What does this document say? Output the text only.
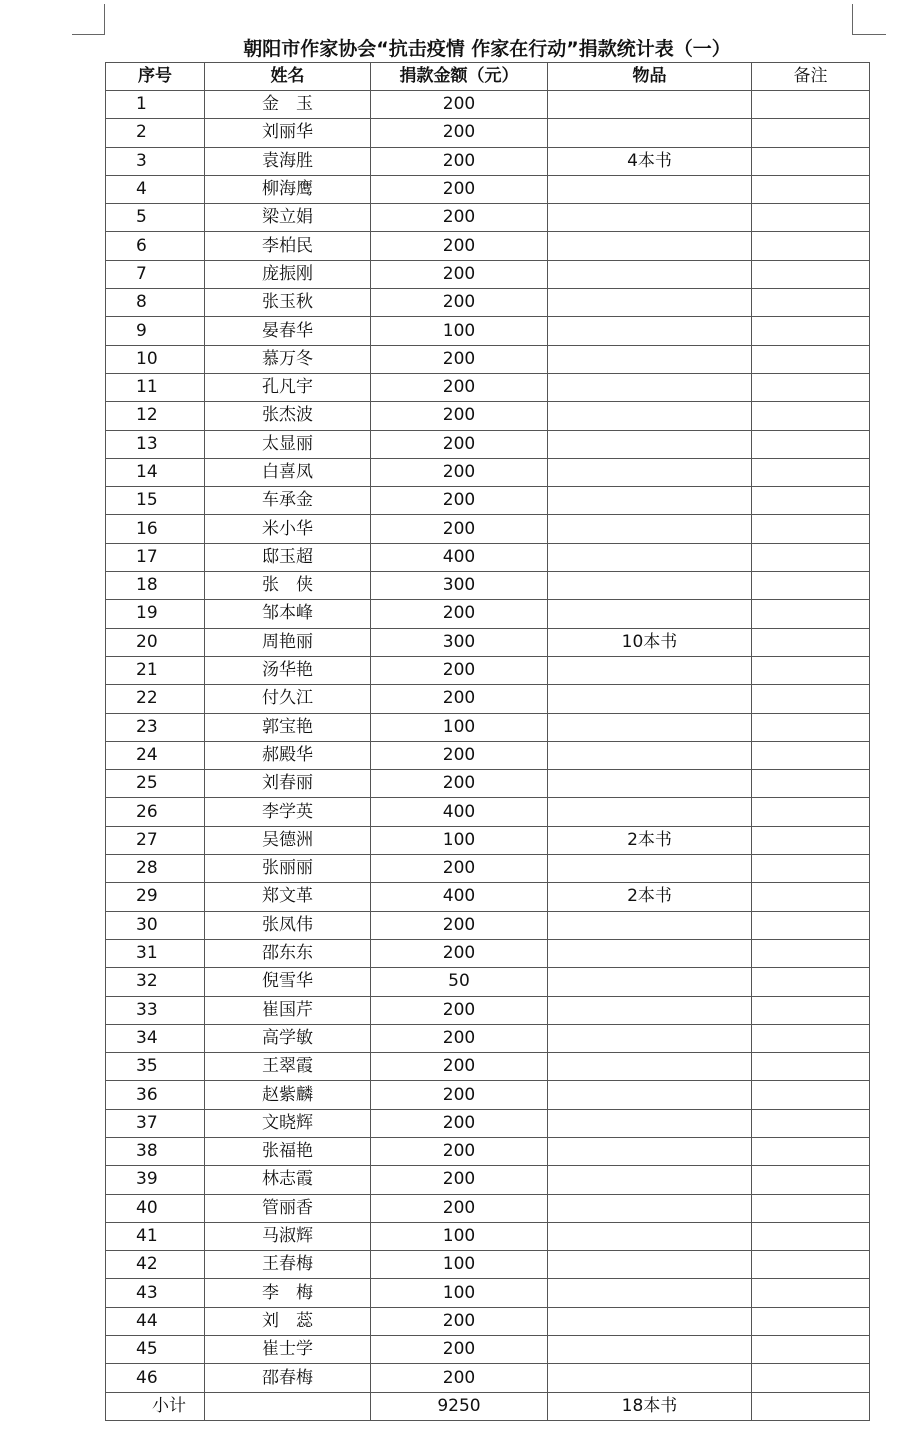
朝阳市作家协会“抗击疫情 作家在行动”捐款统计表（一）
序号	姓名	捐款金额（元）	物品	备注
1	金　玉	200		
2	刘丽华	200		
3	袁海胜	200	4本书	
4	柳海鹰	200		
5	梁立娟	200		
6	李柏民	200		
7	庞振刚	200		
8	张玉秋	200		
9	晏春华	100		
10	慕万冬	200		
11	孔凡宇	200		
12	张杰波	200		
13	太显丽	200		
14	白喜凤	200		
15	车承金	200		
16	米小华	200		
17	邸玉超	400		
18	张　侠	300		
19	邹本峰	200		
20	周艳丽	300	10本书	
21	汤华艳	200		
22	付久江	200		
23	郭宝艳	100		
24	郝殿华	200		
25	刘春丽	200		
26	李学英	400		
27	吴德洲	100	2本书	
28	张丽丽	200		
29	郑文革	400	2本书	
30	张凤伟	200		
31	邵东东	200		
32	倪雪华	50		
33	崔国芹	200		
34	高学敏	200		
35	王翠霞	200		
36	赵紫麟	200		
37	文晓辉	200		
38	张福艳	200		
39	林志霞	200		
40	管丽香	200		
41	马淑辉	100		
42	王春梅	100		
43	李　梅	100		
44	刘　蕊	200		
45	崔士学	200		
46	邵春梅	200		
小计		9250	18本书	
